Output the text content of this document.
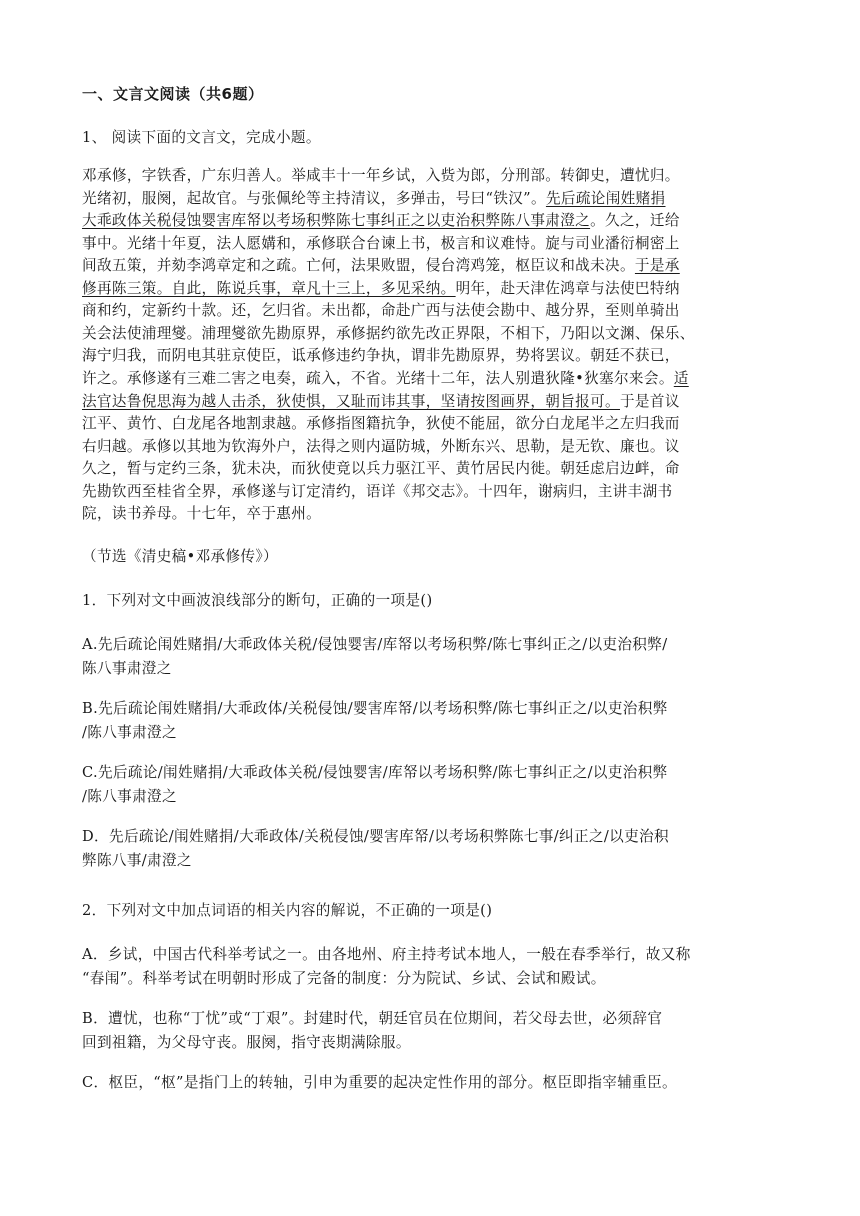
一、文言文阅读（共6题）
1、 阅读下面的文言文，完成小题。
邓承修，字铁香，广东归善人。举咸丰十一年乡试，入赀为郎，分刑部。转御史，遭忧归。
光绪初，服阕，起故官。与张佩纶等主持清议，多弹击，号曰“铁汉”。先后疏论闱姓赌捐
大乖政体关税侵蚀婴害库帑以考场积弊陈七事纠正之以吏治积弊陈八事肃澄之。久之，迁给
事中。光绪十年夏，法人愿媾和，承修联合台谏上书，极言和议难恃。旋与司业潘衍桐密上
间敌五策，并劾李鸿章定和之疏。亡何，法果败盟，侵台湾鸡笼，枢臣议和战未决。于是承
修再陈三策。自此，陈说兵事，章凡十三上，多见采纳。明年，赴天津佐鸿章与法使巴特纳
商和约，定新约十款。还，乞归省。未出都，命赴广西与法使会勘中、越分界，至则单骑出
关会法使浦理燮。浦理燮欲先勘原界，承修据约欲先改正界限，不相下，乃阳以文渊、保乐、
海宁归我，而阴电其驻京使臣，诋承修违约争执，谓非先勘原界，势将罢议。朝廷不获已，
许之。承修遂有三难二害之电奏，疏入，不省。光绪十二年，法人别遣狄隆•狄塞尔来会。适
法官达鲁倪思海为越人击杀，狄使惧，又耻而讳其事，坚请按图画界，朝旨报可。于是首议
江平、黄竹、白龙尾各地割隶越。承修指图籍抗争，狄使不能屈，欲分白龙尾半之左归我而
右归越。承修以其地为钦海外户，法得之则内逼防城，外断东兴、思勒，是无钦、廉也。议
久之，暂与定约三条，犹未决，而狄使竟以兵力驱江平、黄竹居民内徙。朝廷虑启边衅，命
先勘钦西至桂省全界，承修遂与订定清约，语详《邦交志》。十四年，谢病归，主讲丰湖书
院，读书养母。十七年，卒于惠州。
（节选《清史稿•邓承修传》）
1．下列对文中画波浪线部分的断句，正确的一项是()
A.先后疏论闱姓赌捐/大乖政体关税/侵蚀婴害/库帑以考场积弊/陈七事纠正之/以吏治积弊/
陈八事肃澄之
B.先后疏论闱姓赌捐/大乖政体/关税侵蚀/婴害库帑/以考场积弊/陈七事纠正之/以吏治积弊
/陈八事肃澄之
C.先后疏论/闱姓赌捐/大乖政体关税/侵蚀婴害/库帑以考场积弊/陈七事纠正之/以吏治积弊
/陈八事肃澄之
D．先后疏论/闱姓赌捐/大乖政体/关税侵蚀/婴害库帑/以考场积弊陈七事/纠正之/以吏治积
弊陈八事/肃澄之
2．下列对文中加点词语的相关内容的解说，不正确的一项是()
A．乡试，中国古代科举考试之一。由各地州、府主持考试本地人，一般在春季举行，故又称
“春闱”。科举考试在明朝时形成了完备的制度：分为院试、乡试、会试和殿试。
B．遭忧，也称“丁忧”或“丁艰”。封建时代，朝廷官员在位期间，若父母去世，必须辞官
回到祖籍，为父母守丧。服阕，指守丧期满除服。
C．枢臣，“枢”是指门上的转轴，引申为重要的起决定性作用的部分。枢臣即指宰辅重臣。
